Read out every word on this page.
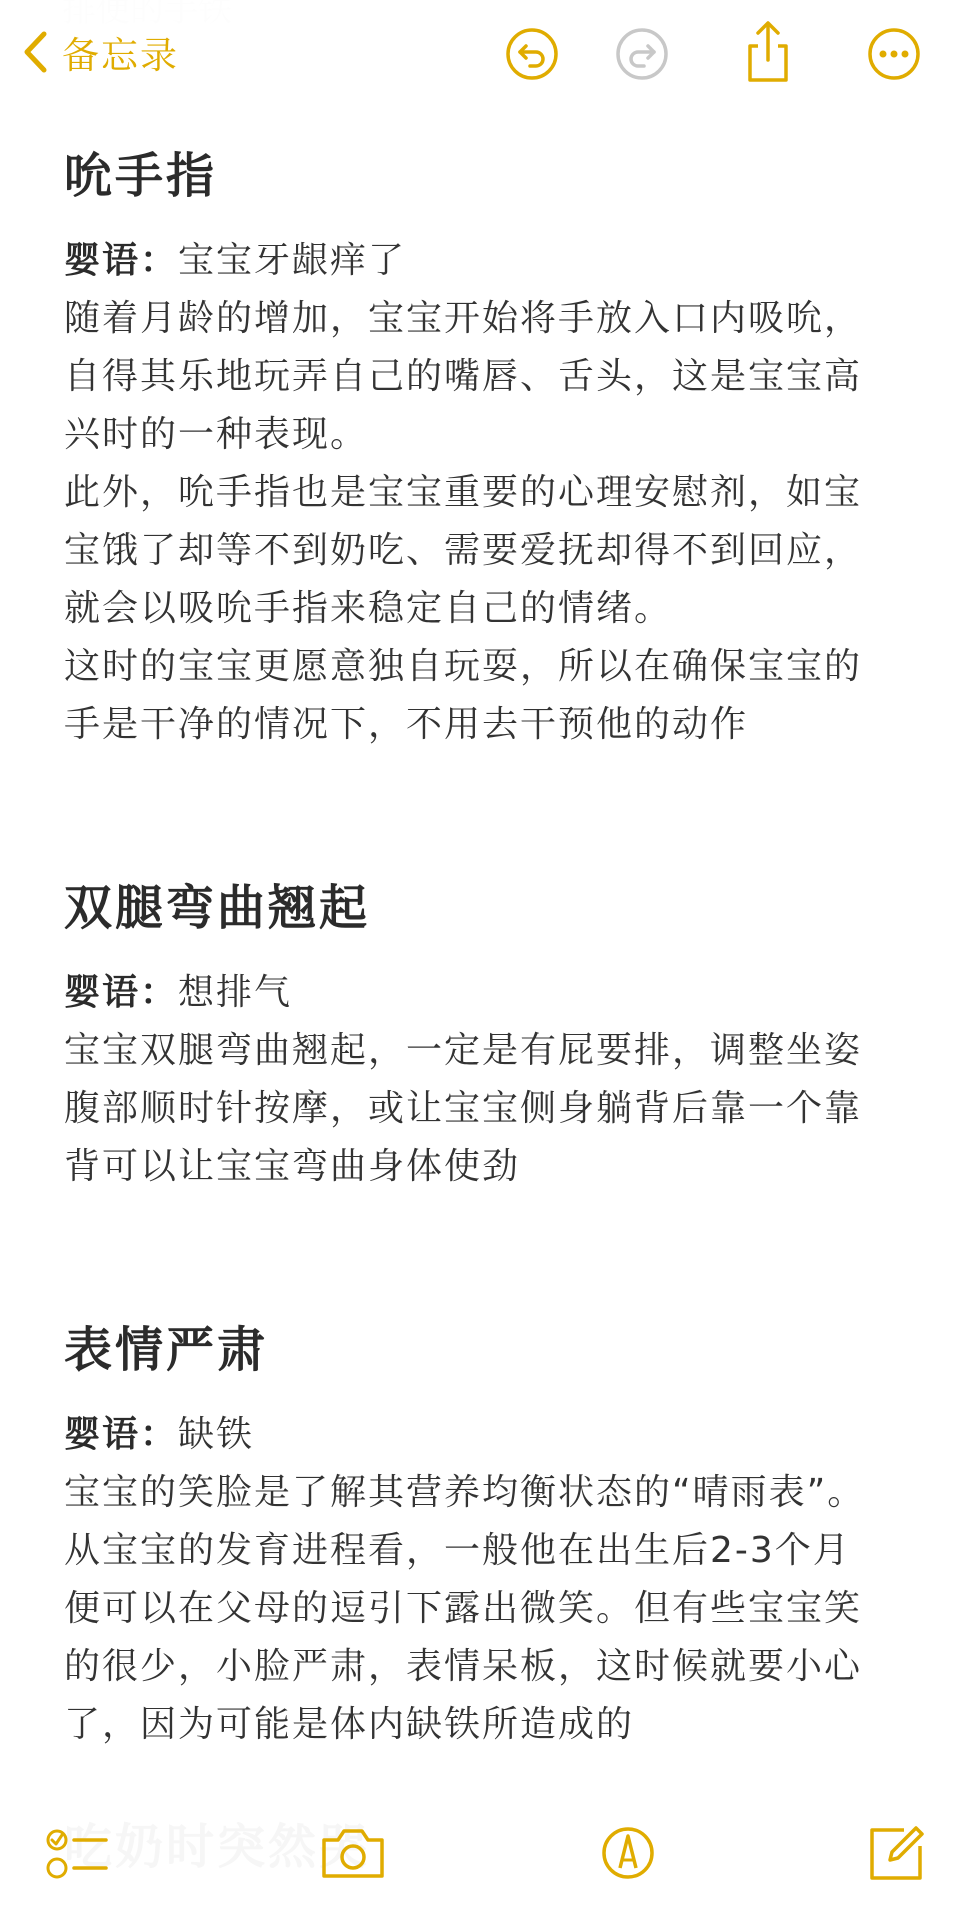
备忘录
吮手指
婴语：宝宝牙龈痒了
随着月龄的增加，宝宝开始将手放入口内吸吮，
自得其乐地玩弄自己的嘴唇、舌头，这是宝宝高
兴时的一种表现。
此外，吮手指也是宝宝重要的心理安慰剂，如宝
宝饿了却等不到奶吃、需要爱抚却得不到回应，
就会以吸吮手指来稳定自己的情绪。
这时的宝宝更愿意独自玩耍，所以在确保宝宝的
手是干净的情况下，不用去干预他的动作
双腿弯曲翘起
婴语：想排气
宝宝双腿弯曲翘起，一定是有屁要排，调整坐姿
腹部顺时针按摩，或让宝宝侧身躺背后靠一个靠
背可以让宝宝弯曲身体使劲
表情严肃
婴语：缺铁
宝宝的笑脸是了解其营养均衡状态的“晴雨表”。
从宝宝的发育进程看，一般他在出生后2-3个月
便可以在父母的逗引下露出微笑。但有些宝宝笑
的很少，小脸严肃，表情呆板，这时候就要小心
了，因为可能是体内缺铁所造成的
